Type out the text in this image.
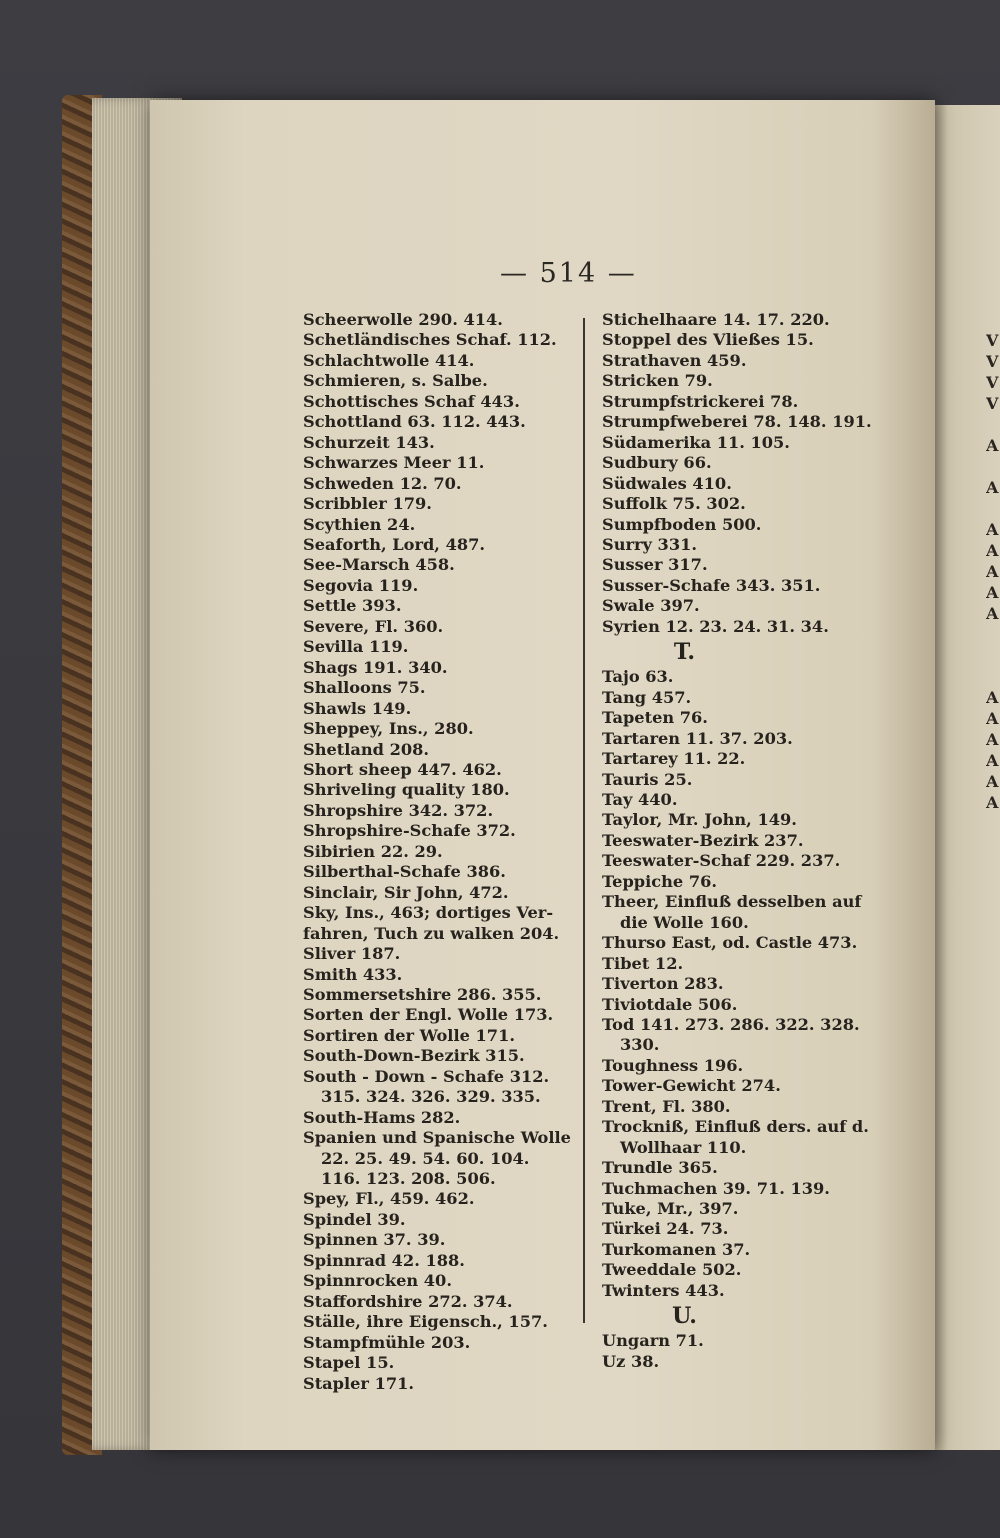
V
V
V
V

A

A

A
A
A
A
A

A
A
A
A
A
A
— 514 —
Scheerwolle 290. 414.
Schetländisches Schaf. 112.
Schlachtwolle 414.
Schmieren, s. Salbe.
Schottisches Schaf 443.
Schottland 63. 112. 443.
Schurzeit 143.
Schwarzes Meer 11.
Schweden 12. 70.
Scribbler 179.
Scythien 24.
Seaforth, Lord, 487.
See-Marsch 458.
Segovia 119.
Settle 393.
Severe, Fl. 360.
Sevilla 119.
Shags 191. 340.
Shalloons 75.
Shawls 149.
Sheppey, Ins., 280.
Shetland 208.
Short sheep 447. 462.
Shriveling quality 180.
Shropshire 342. 372.
Shropshire-Schafe 372.
Sibirien 22. 29.
Silberthal-Schafe 386.
Sinclair, Sir John, 472.
Sky, Ins., 463; dortiges Ver-
fahren, Tuch zu walken 204.
Sliver 187.
Smith 433.
Sommersetshire 286. 355.
Sorten der Engl. Wolle 173.
Sortiren der Wolle 171.
South-Down-Bezirk 315.
South - Down - Schafe 312.
315. 324. 326. 329. 335.
South-Hams 282.
Spanien und Spanische Wolle
22. 25. 49. 54. 60. 104.
116. 123. 208. 506.
Spey, Fl., 459. 462.
Spindel 39.
Spinnen 37. 39.
Spinnrad 42. 188.
Spinnrocken 40.
Staffordshire 272. 374.
Ställe, ihre Eigensch., 157.
Stampfmühle 203.
Stapel 15.
Stapler 171.
Stichelhaare 14. 17. 220.
Stoppel des Vließes 15.
Strathaven 459.
Stricken 79.
Strumpfstrickerei 78.
Strumpfweberei 78. 148. 191.
Südamerika 11. 105.
Sudbury 66.
Südwales 410.
Suffolk 75. 302.
Sumpfboden 500.
Surry 331.
Susser 317.
Susser-Schafe 343. 351.
Swale 397.
Syrien 12. 23. 24. 31. 34.
T.
Tajo 63.
Tang 457.
Tapeten 76.
Tartaren 11. 37. 203.
Tartarey 11. 22.
Tauris 25.
Tay 440.
Taylor, Mr. John, 149.
Teeswater-Bezirk 237.
Teeswater-Schaf 229. 237.
Teppiche 76.
Theer, Einfluß desselben auf
die Wolle 160.
Thurso East, od. Castle 473.
Tibet 12.
Tiverton 283.
Tiviotdale 506.
Tod 141. 273. 286. 322. 328.
330.
Toughness 196.
Tower-Gewicht 274.
Trent, Fl. 380.
Trockniß, Einfluß ders. auf d.
Wollhaar 110.
Trundle 365.
Tuchmachen 39. 71. 139.
Tuke, Mr., 397.
Türkei 24. 73.
Turkomanen 37.
Tweeddale 502.
Twinters 443.
U.
Ungarn 71.
Uz 38.
